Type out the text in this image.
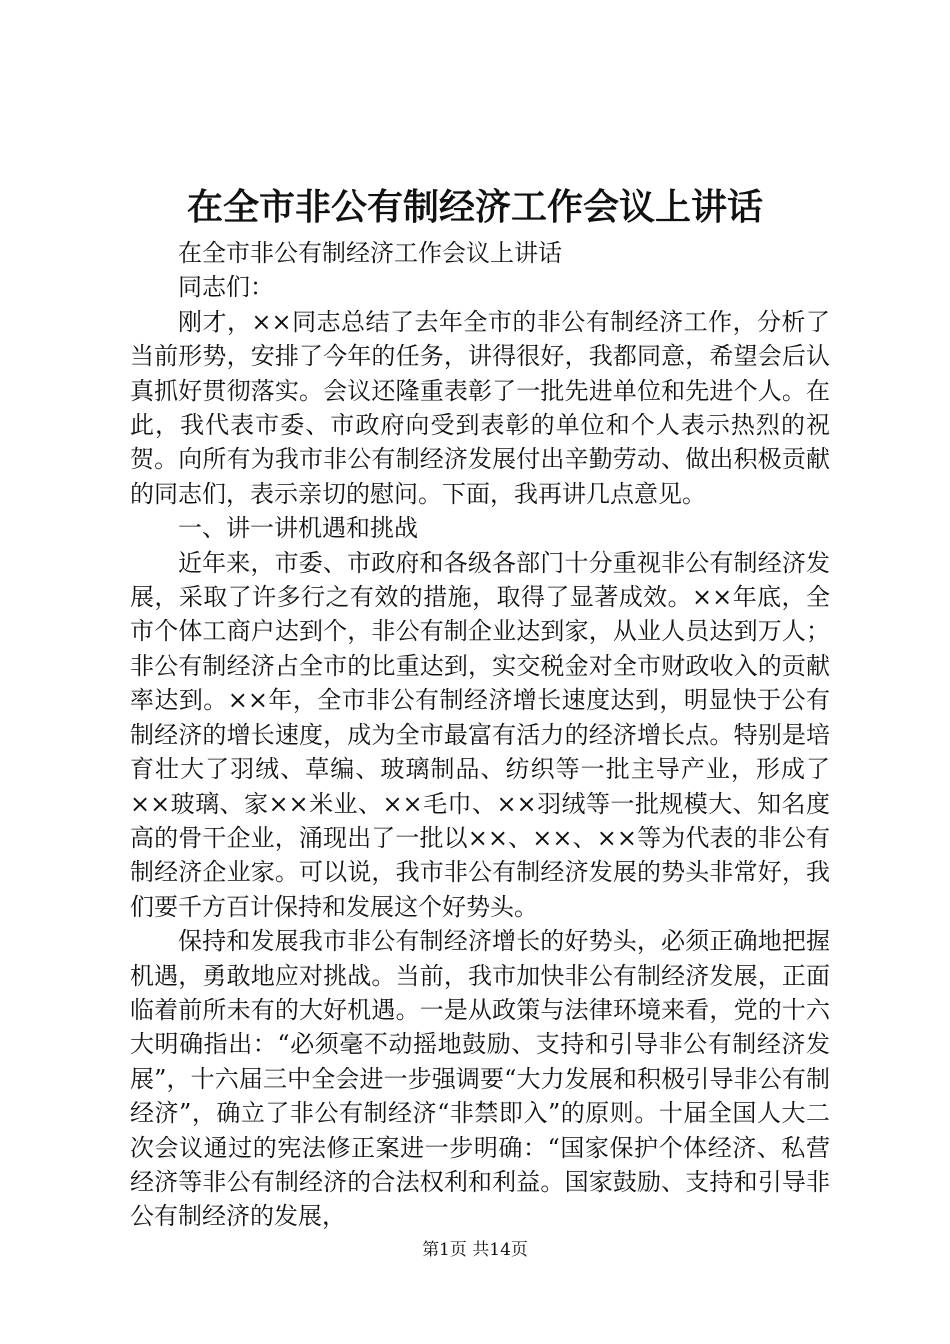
在全市非公有制经济工作会议上讲话

在全市非公有制经济工作会议上讲话

同志们：

刚才，××同志总结了去年全市的非公有制经济工作，分析了当前形势，安排了今年的任务，讲得很好，我都同意，希望会后认真抓好贯彻落实。会议还隆重表彰了一批先进单位和先进个人。在此，我代表市委、市政府向受到表彰的单位和个人表示热烈的祝贺。向所有为我市非公有制经济发展付出辛勤劳动、做出积极贡献的同志们，表示亲切的慰问。下面，我再讲几点意见。

一、讲一讲机遇和挑战

近年来，市委、市政府和各级各部门十分重视非公有制经济发展，采取了许多行之有效的措施，取得了显著成效。××年底，全市个体工商户达到个，非公有制企业达到家，从业人员达到万人；非公有制经济占全市的比重达到，实交税金对全市财政收入的贡献率达到。××年，全市非公有制经济增长速度达到，明显快于公有制经济的增长速度，成为全市最富有活力的经济增长点。特别是培育壮大了羽绒、草编、玻璃制品、纺织等一批主导产业，形成了××玻璃、家××米业、××毛巾、××羽绒等一批规模大、知名度高的骨干企业，涌现出了一批以××、××、××等为代表的非公有制经济企业家。可以说，我市非公有制经济发展的势头非常好，我们要千方百计保持和发展这个好势头。

保持和发展我市非公有制经济增长的好势头，必须正确地把握机遇，勇敢地应对挑战。当前，我市加快非公有制经济发展，正面临着前所未有的大好机遇。一是从政策与法律环境来看，党的十六大明确指出：“必须毫不动摇地鼓励、支持和引导非公有制经济发展”，十六届三中全会进一步强调要“大力发展和积极引导非公有制经济”，确立了非公有制经济“非禁即入”的原则。十届全国人大二次会议通过的宪法修正案进一步明确：“国家保护个体经济、私营经济等非公有制经济的合法权利和利益。国家鼓励、支持和引导非公有制经济的发展，

第1页 共14页
